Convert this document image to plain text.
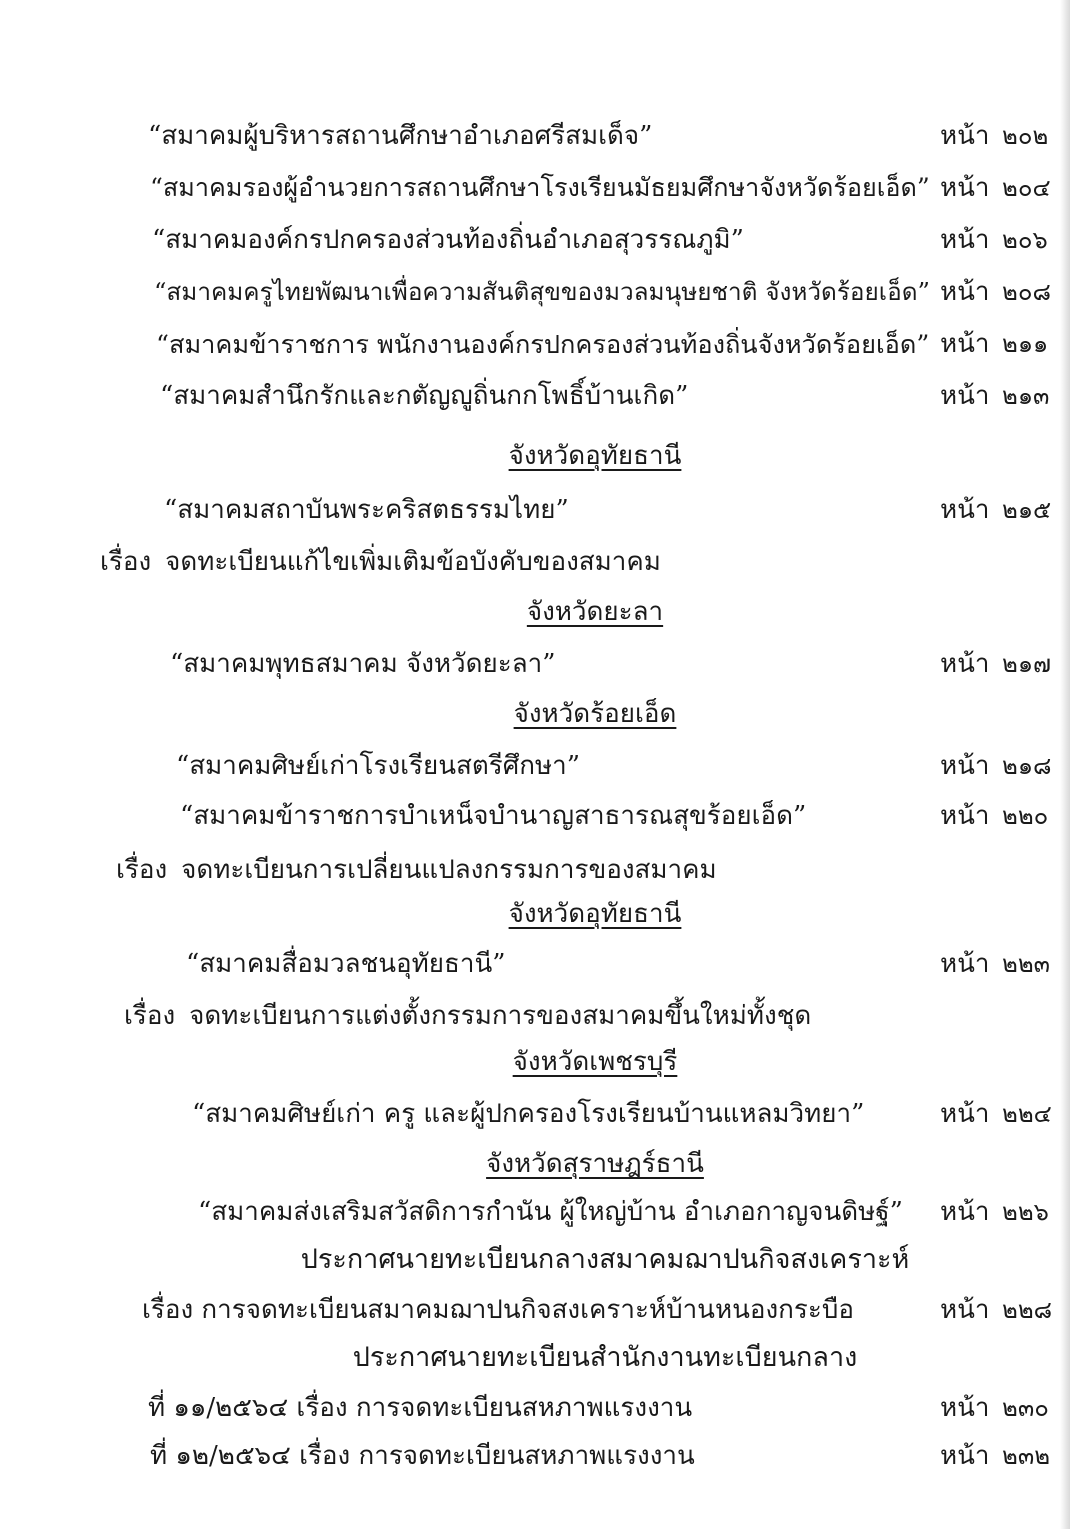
“สมาคมผู้บริหารสถานศึกษาอำเภอศรีสมเด็จ”	หน้า ๒๐๒
“สมาคมรองผู้อำนวยการสถานศึกษาโรงเรียนมัธยมศึกษาจังหวัดร้อยเอ็ด” หน้า ๒๐๔
“สมาคมองค์กรปกครองส่วนท้องถิ่นอำเภอสุวรรณภูมิ”	หน้า ๒๐๖
“สมาคมครูไทยพัฒนาเพื่อความสันติสุขของมวลมนุษยชาติ จังหวัดร้อยเอ็ด” หน้า ๒๐๘
“สมาคมข้าราชการ พนักงานองค์กรปกครองส่วนท้องถิ่นจังหวัดร้อยเอ็ด” หน้า ๒๑๑
“สมาคมสำนึกรักและกตัญญูถิ่นกกโพธิ์บ้านเกิด”	หน้า ๒๑๓
จังหวัดอุทัยธานี
“สมาคมสถาบันพระคริสตธรรมไทย”	หน้า ๒๑๕
เรื่อง จดทะเบียนแก้ไขเพิ่มเติมข้อบังคับของสมาคม
จังหวัดยะลา
“สมาคมพุทธสมาคม จังหวัดยะลา”	หน้า ๒๑๗
จังหวัดร้อยเอ็ด
“สมาคมศิษย์เก่าโรงเรียนสตรีศึกษา”	หน้า ๒๑๘
“สมาคมข้าราชการบำเหน็จบำนาญสาธารณสุขร้อยเอ็ด”	หน้า ๒๒๐
เรื่อง จดทะเบียนการเปลี่ยนแปลงกรรมการของสมาคม
จังหวัดอุทัยธานี
“สมาคมสื่อมวลชนอุทัยธานี”	หน้า ๒๒๓
เรื่อง จดทะเบียนการแต่งตั้งกรรมการของสมาคมขึ้นใหม่ทั้งชุด
จังหวัดเพชรบุรี
“สมาคมศิษย์เก่า ครู และผู้ปกครองโรงเรียนบ้านแหลมวิทยา”	หน้า ๒๒๔
จังหวัดสุราษฎร์ธานี
“สมาคมส่งเสริมสวัสดิการกำนัน ผู้ใหญ่บ้าน อำเภอกาญจนดิษฐ์” หน้า ๒๒๖
ประกาศนายทะเบียนกลางสมาคมฌาปนกิจสงเคราะห์
เรื่อง การจดทะเบียนสมาคมฌาปนกิจสงเคราะห์บ้านหนองกระบือ	หน้า ๒๒๘
ประกาศนายทะเบียนสำนักงานทะเบียนกลาง
ที่ ๑๑/๒๕๖๔ เรื่อง การจดทะเบียนสหภาพแรงงาน	หน้า ๒๓๐
ที่ ๑๒/๒๕๖๔ เรื่อง การจดทะเบียนสหภาพแรงงาน	หน้า ๒๓๒
